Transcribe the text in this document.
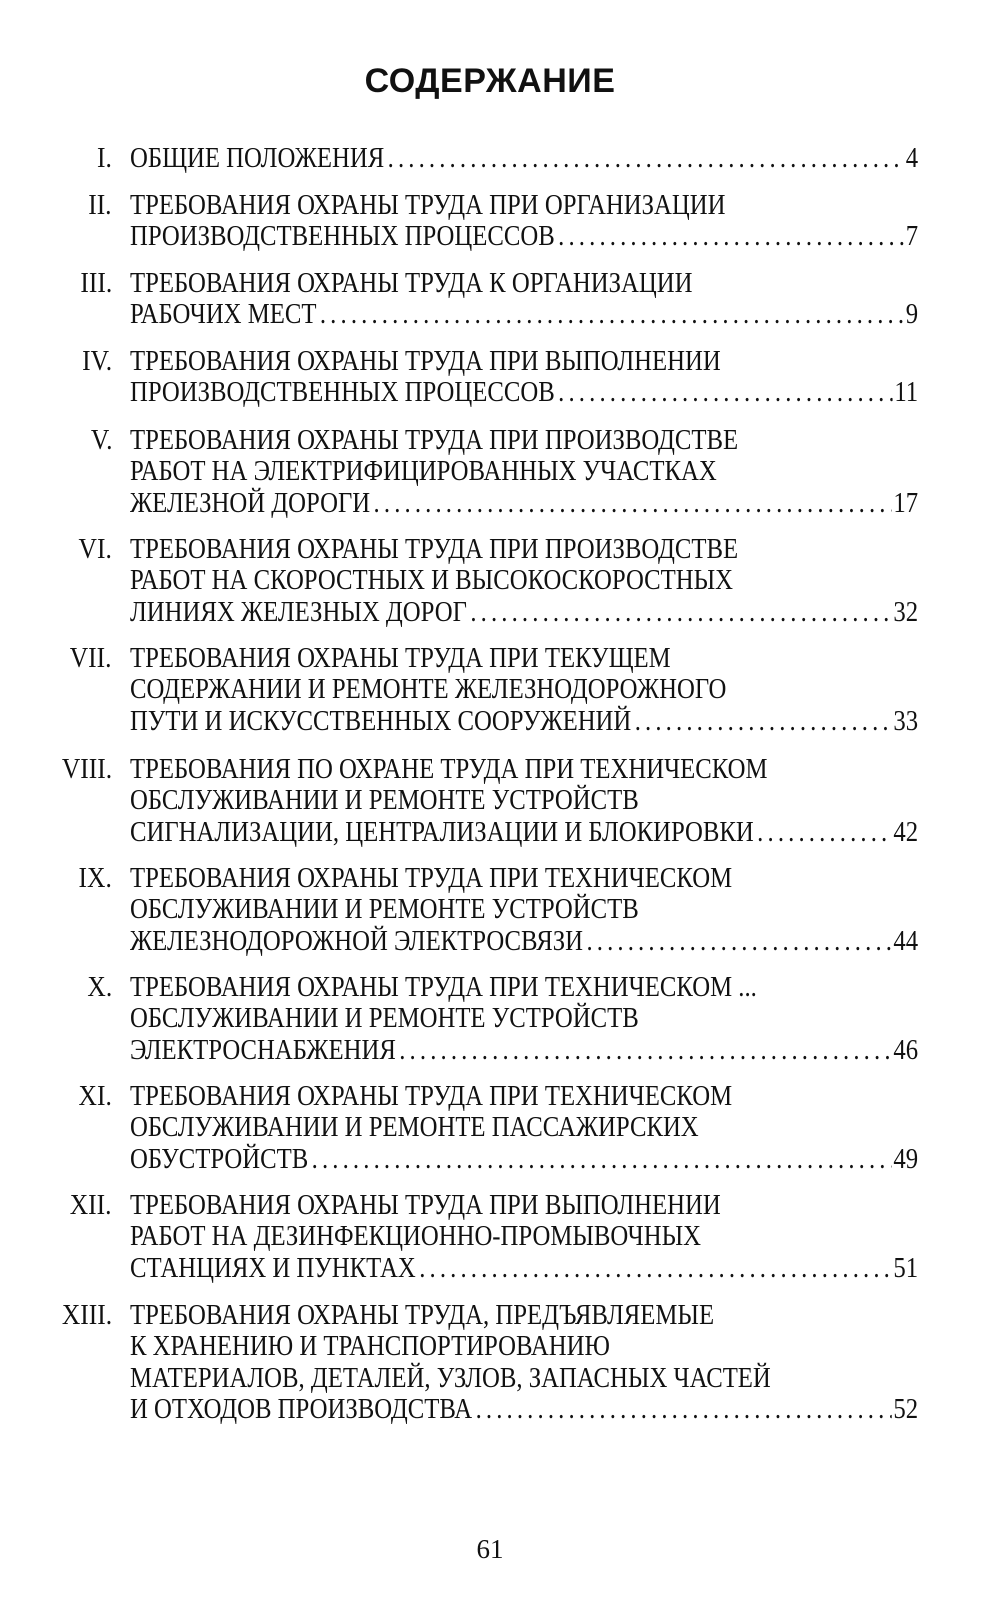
СОДЕРЖАНИЕ
I. ОБЩИЕ ПОЛОЖЕНИЯ . . .	4
II. ТРЕБОВАНИЯ ОХРАНЫ ТРУДА ПРИ ОРГАНИЗАЦИИ
ПРОИЗВОДСТВЕННЫХ ПРОЦЕССОВ . . .	7
III. ТРЕБОВАНИЯ ОХРАНЫ ТРУДА К ОРГАНИЗАЦИИ
РАБОЧИХ МЕСТ . . .	9
IV. ТРЕБОВАНИЯ ОХРАНЫ ТРУДА ПРИ ВЫПОЛНЕНИИ
ПРОИЗВОДСТВЕННЫХ ПРОЦЕССОВ . . .	11
V. ТРЕБОВАНИЯ ОХРАНЫ ТРУДА ПРИ ПРОИЗВОДСТВЕ
РАБОТ НА ЭЛЕКТРИФИЦИРОВАННЫХ УЧАСТКАХ
ЖЕЛЕЗНОЙ ДОРОГИ . . .	17
VI. ТРЕБОВАНИЯ ОХРАНЫ ТРУДА ПРИ ПРОИЗВОДСТВЕ
РАБОТ НА СКОРОСТНЫХ И ВЫСОКОСКОРОСТНЫХ
ЛИНИЯХ ЖЕЛЕЗНЫХ ДОРОГ . . .	32
VII. ТРЕБОВАНИЯ ОХРАНЫ ТРУДА ПРИ ТЕКУЩЕМ
СОДЕРЖАНИИ И РЕМОНТЕ ЖЕЛЕЗНОДОРОЖНОГО
ПУТИ И ИСКУССТВЕННЫХ СООРУЖЕНИЙ . . .	33
VIII. ТРЕБОВАНИЯ ПО ОХРАНЕ ТРУДА ПРИ ТЕХНИЧЕСКОМ
ОБСЛУЖИВАНИИ И РЕМОНТЕ УСТРОЙСТВ
СИГНАЛИЗАЦИИ, ЦЕНТРАЛИЗАЦИИ И БЛОКИРОВКИ . . .	42
IX. ТРЕБОВАНИЯ ОХРАНЫ ТРУДА ПРИ ТЕХНИЧЕСКОМ
ОБСЛУЖИВАНИИ И РЕМОНТЕ УСТРОЙСТВ
ЖЕЛЕЗНОДОРОЖНОЙ ЭЛЕКТРОСВЯЗИ . . .	44
X. ТРЕБОВАНИЯ ОХРАНЫ ТРУДА ПРИ ТЕХНИЧЕСКОМ ...
ОБСЛУЖИВАНИИ И РЕМОНТЕ УСТРОЙСТВ
ЭЛЕКТРОСНАБЖЕНИЯ . . .	46
XI. ТРЕБОВАНИЯ ОХРАНЫ ТРУДА ПРИ ТЕХНИЧЕСКОМ
ОБСЛУЖИВАНИИ И РЕМОНТЕ ПАССАЖИРСКИХ
ОБУСТРОЙСТВ . . .	49
XII. ТРЕБОВАНИЯ ОХРАНЫ ТРУДА ПРИ ВЫПОЛНЕНИИ
РАБОТ НА ДЕЗИНФЕКЦИОННО-ПРОМЫВОЧНЫХ
СТАНЦИЯХ И ПУНКТАХ . . .	51
XIII. ТРЕБОВАНИЯ ОХРАНЫ ТРУДА, ПРЕДЪЯВЛЯЕМЫЕ
К ХРАНЕНИЮ И ТРАНСПОРТИРОВАНИЮ
МАТЕРИАЛОВ, ДЕТАЛЕЙ, УЗЛОВ, ЗАПАСНЫХ ЧАСТЕЙ
И ОТХОДОВ ПРОИЗВОДСТВА . . .	52
61
